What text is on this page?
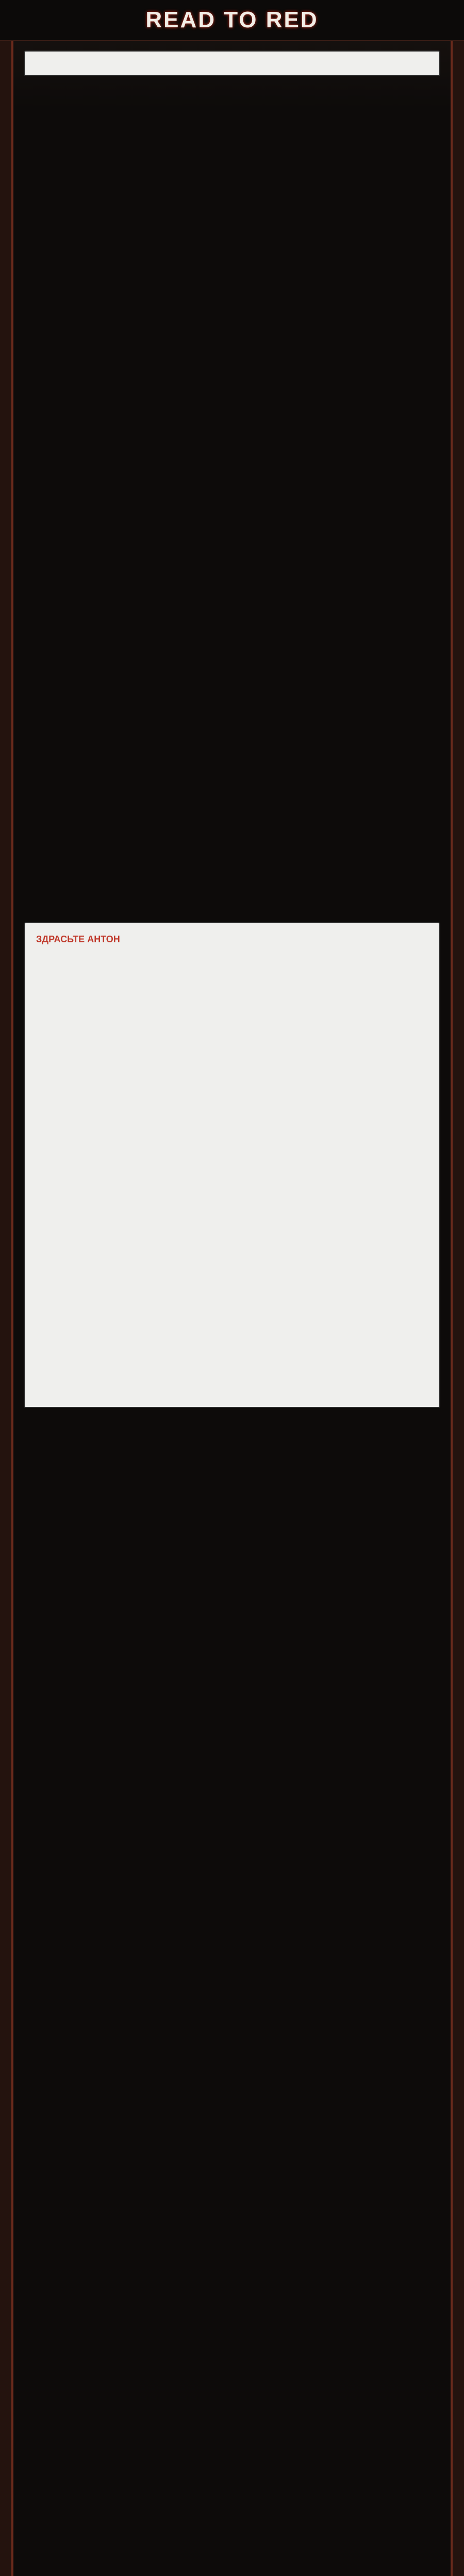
READ TO RED

ЗДРАСЬТЕ АНТОН
